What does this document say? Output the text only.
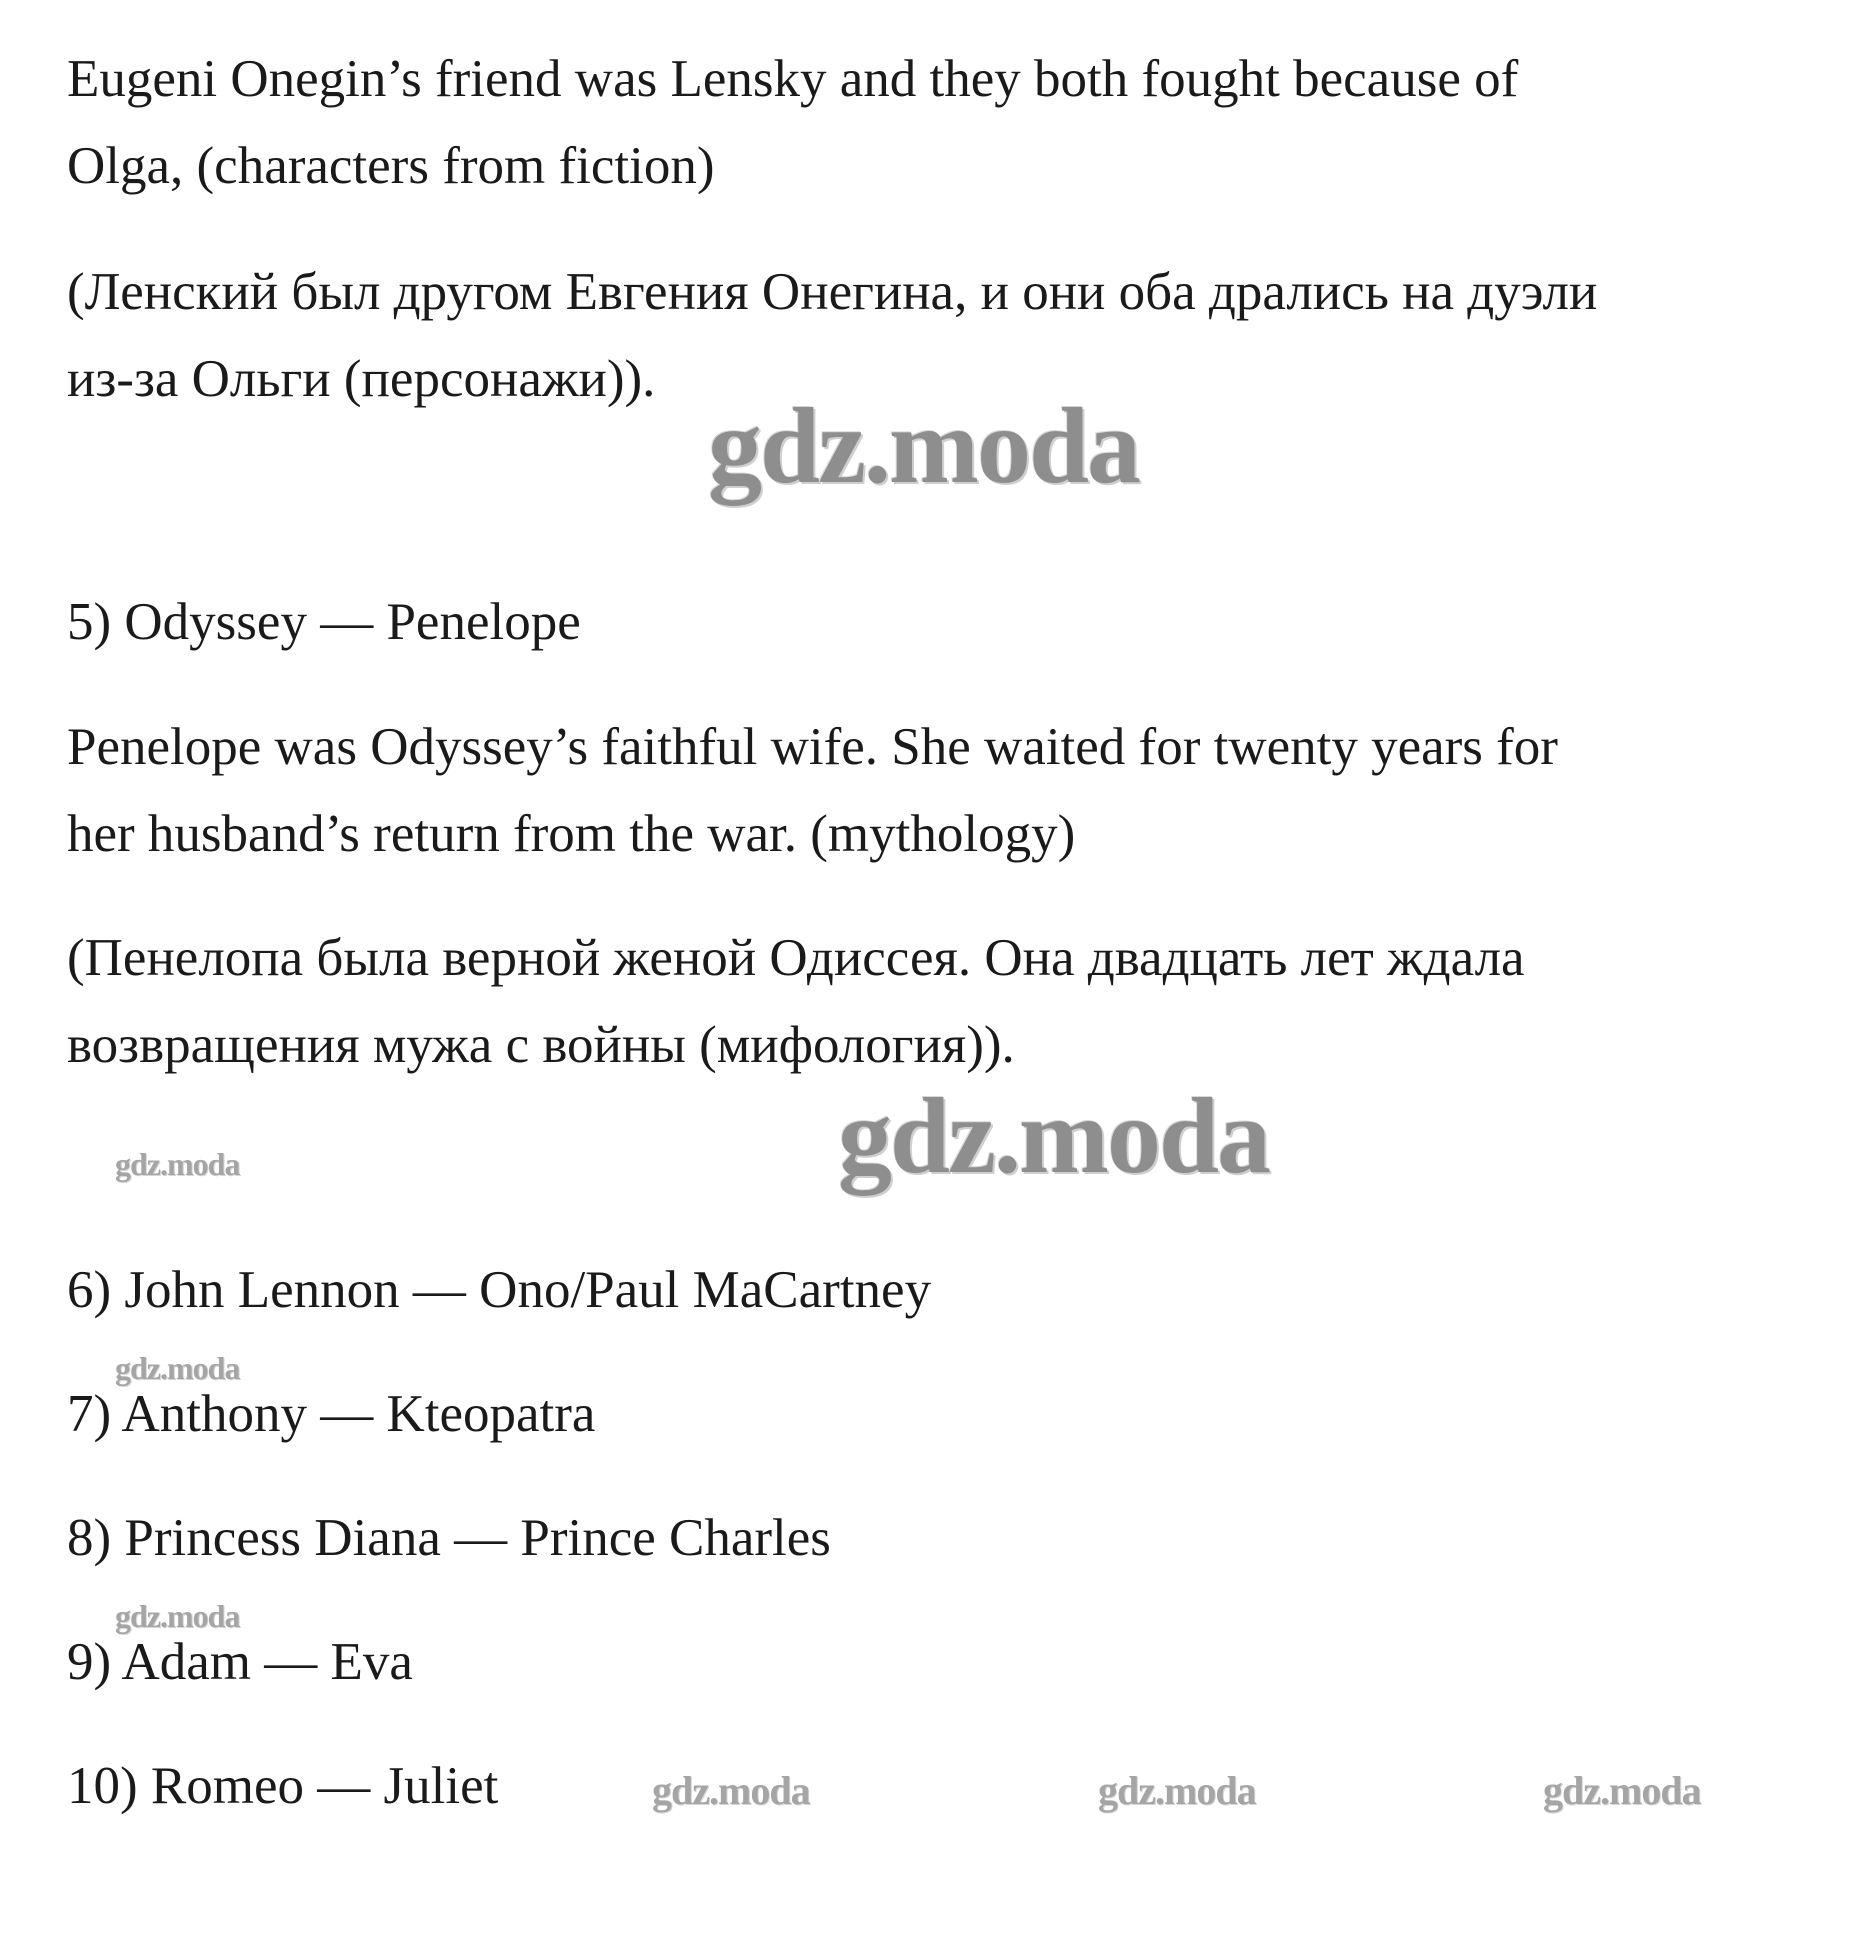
Eugeni Onegin’s friend was Lensky and they both fought because of

Olga, (characters from fiction)

(Ленский был другом Евгения Онегина, и они оба дрались на дуэли

из-за Ольги (персонажи)).

gdz.moda

5) Odyssey — Penelope

Penelope was Odyssey’s faithful wife. She waited for twenty years for

her husband’s return from the war. (mythology)

(Пенелопа была верной женой Одиссея. Она двадцать лет ждала

возвращения мужа с войны (мифология)).

gdz.moda
gdz.moda

6) John Lennon — Ono/Paul MaCartney

gdz.moda

7) Anthony — Kteopatra

8) Princess Diana — Prince Charles

gdz.moda

9) Adam — Eva

10) Romeo — Juliet	gdz.moda	gdz.moda	gdz.moda
